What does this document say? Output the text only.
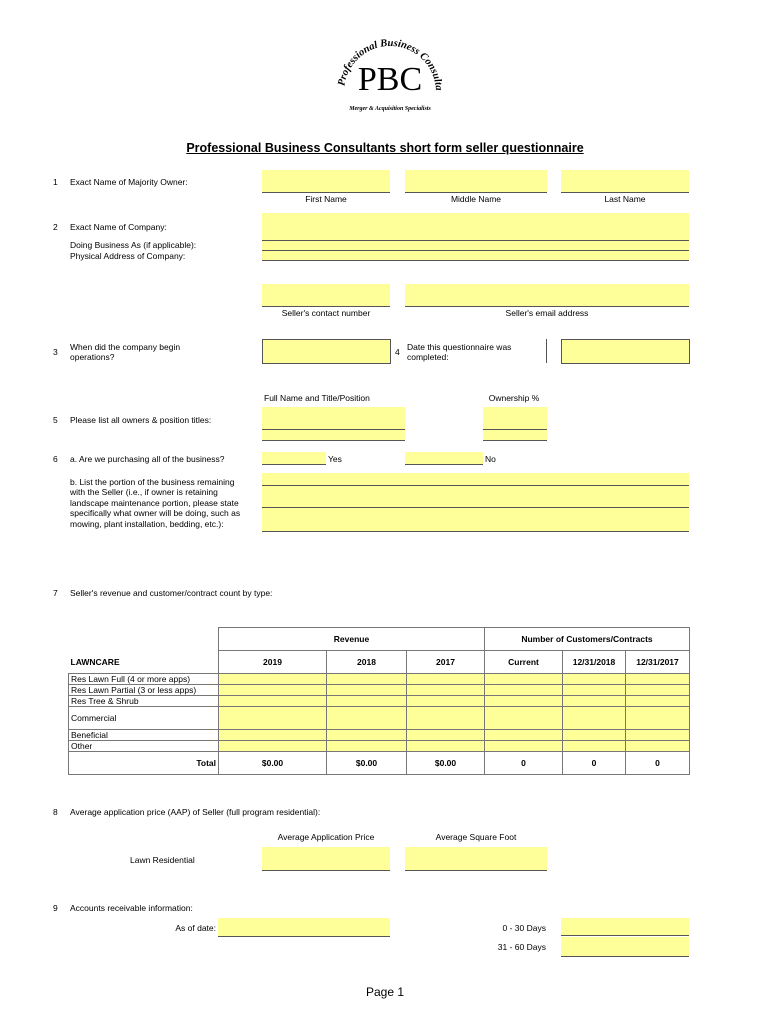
Professional Business Consulta
PBC
Merger & Acquisition Specialists
Professional Business Consultants short form seller questionnaire
1 Exact Name of Majority Owner:
First Name	Middle Name	Last Name
2 Exact Name of Company:
Doing Business As (if applicable):
Physical Address of Company:
Seller's contact number	Seller's email address
3 When did the company begin
operations?	4 Date this questionnaire was
completed:
Full Name and Title/Position	Ownership %
5 Please list all owners & position titles:
6 a. Are we purchasing all of the business?	Yes	No
b. List the portion of the business remaining
with the Seller (i.e., if owner is retaining
landscape maintenance portion, please state
specifically what owner will be doing, such as
mowing, plant installation, bedding, etc.):
7 Seller's revenue and customer/contract count by type:
	Revenue			Number of Customers/Contracts		
LAWNCARE	2019	2018	2017	Current	12/31/2018	12/31/2017
Res Lawn Full (4 or more apps)						
Res Lawn Partial (3 or less apps)						
Res Tree & Shrub						
Commercial						
Beneficial						
Other						
Total	$0.00	$0.00	$0.00	0	0	0
8 Average application price (AAP) of Seller (full program residential):
Average Application Price	Average Square Foot
Lawn Residential
9 Accounts receivable information:
As of date:	0 - 30 Days
31 - 60 Days
Page 1
